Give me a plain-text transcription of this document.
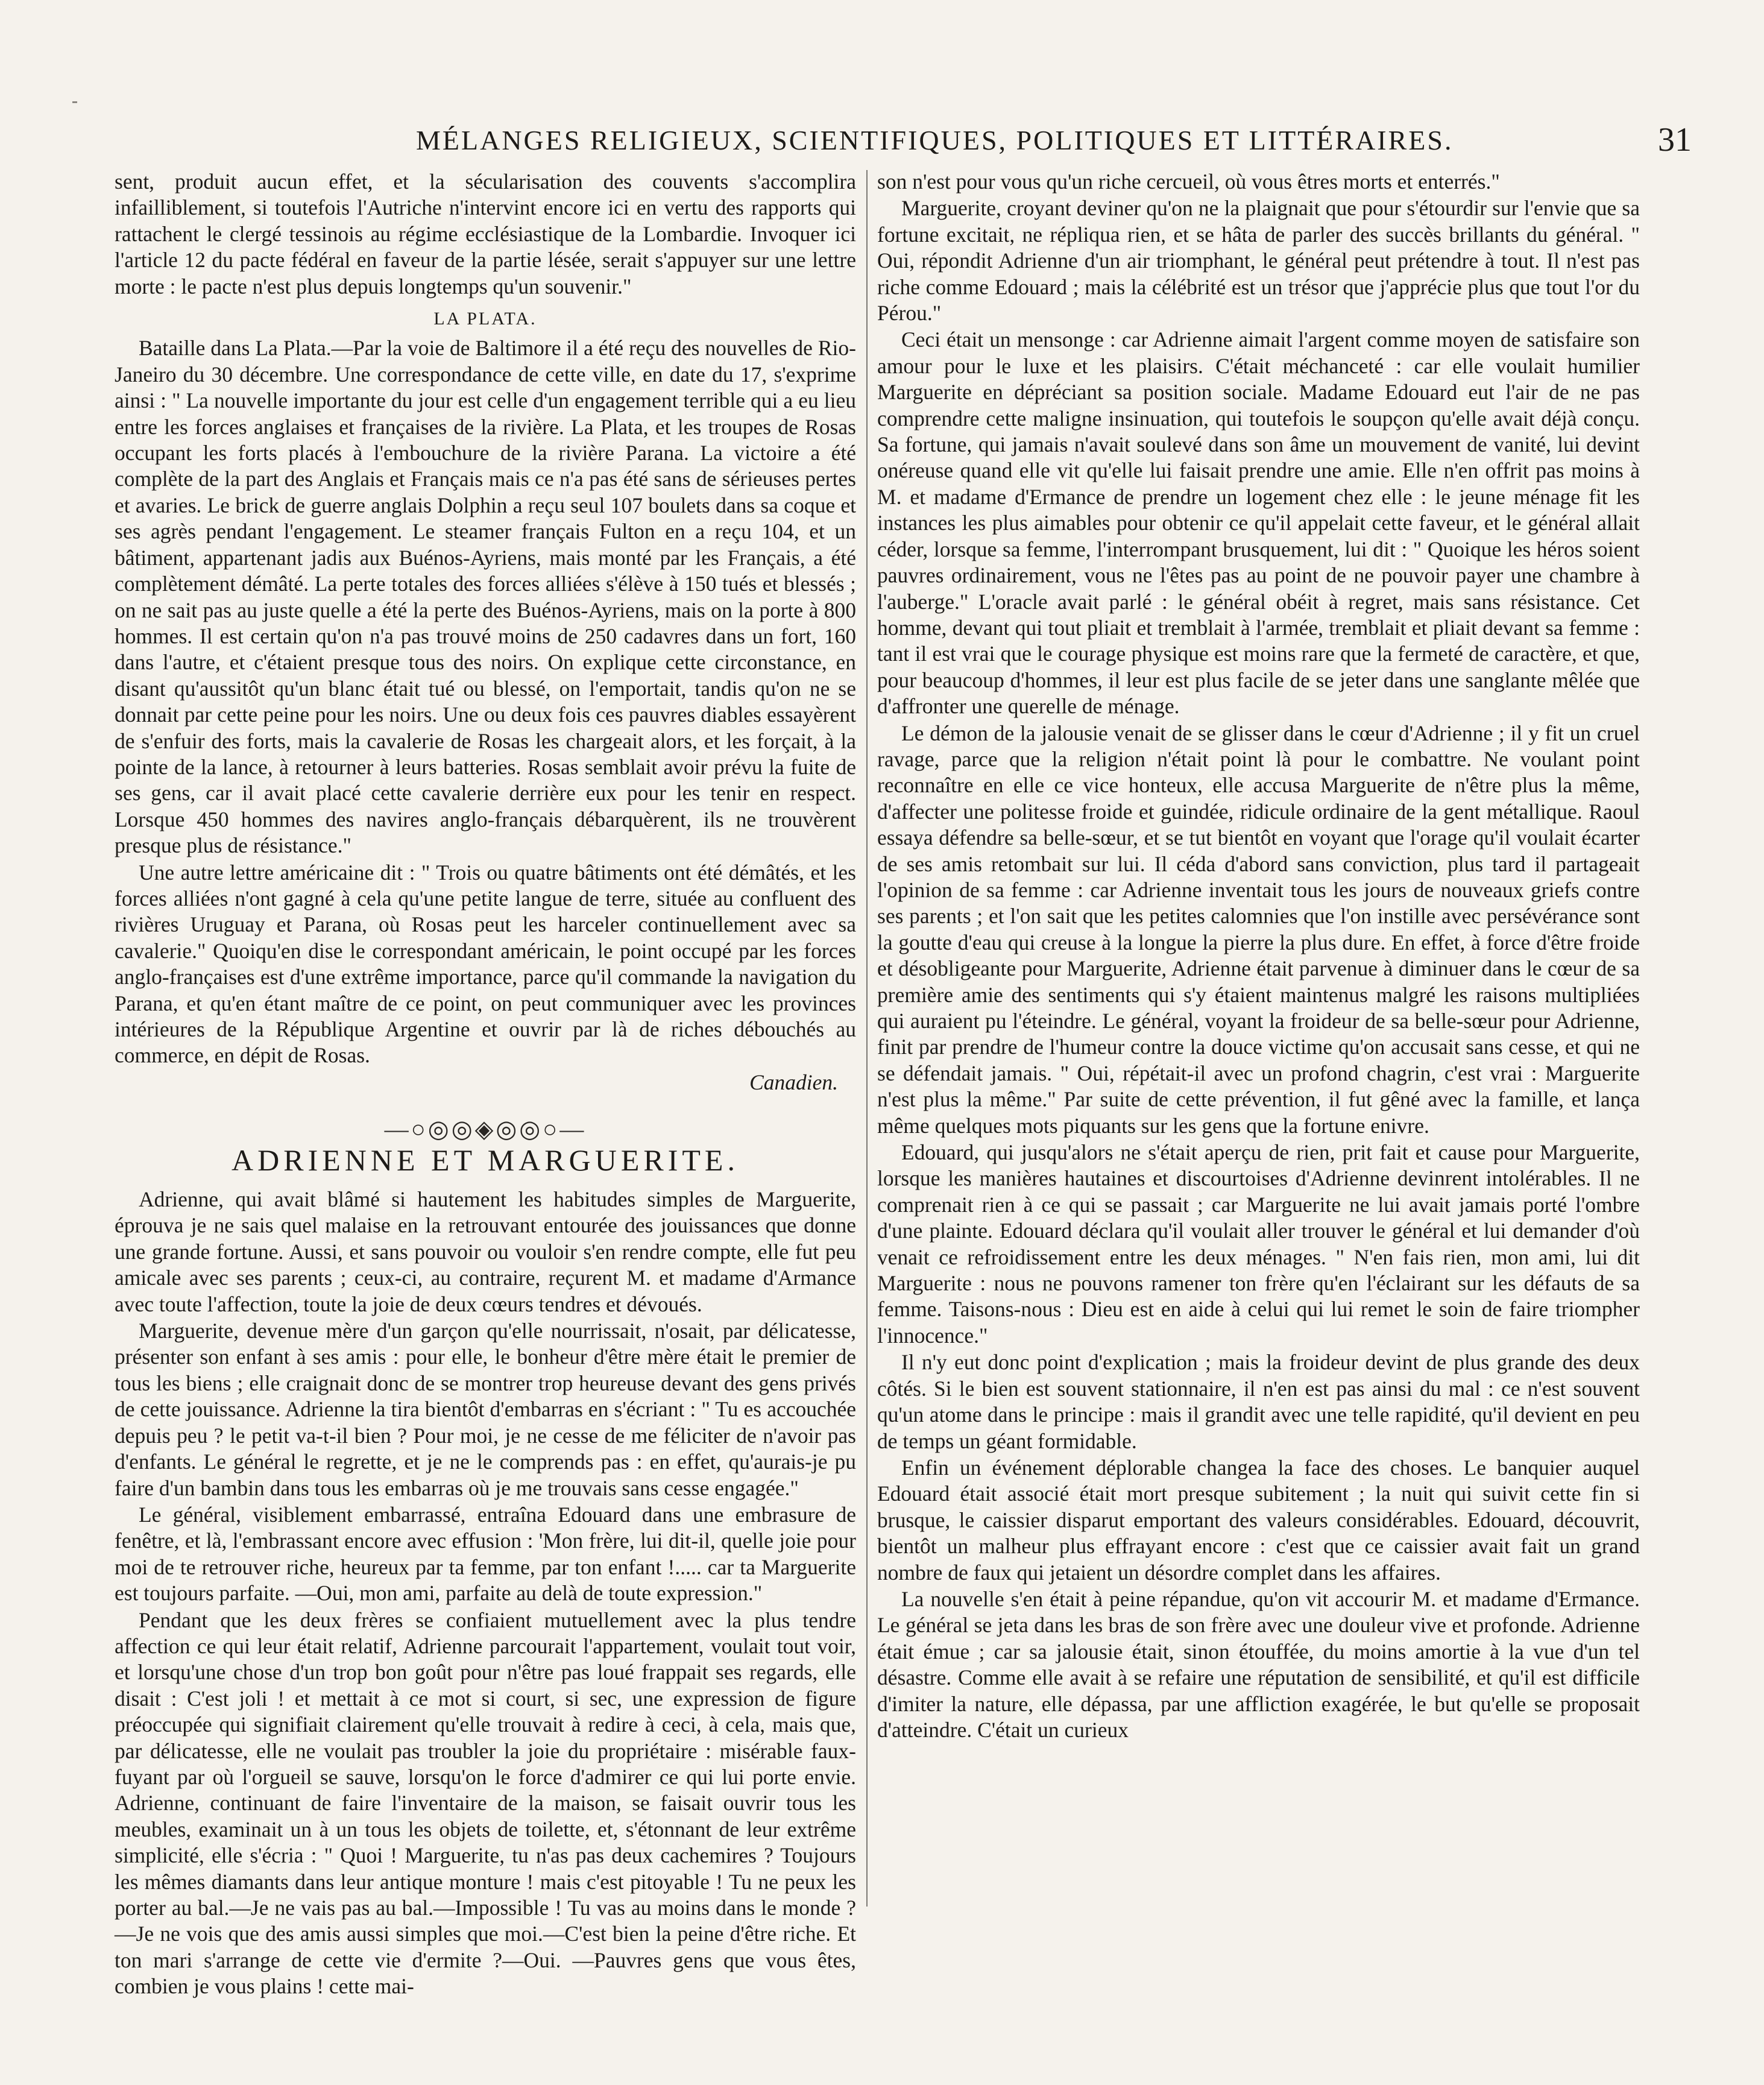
MÉLANGES RELIGIEUX, SCIENTIFIQUES, POLITIQUES ET LITTÉRAIRES.	31

sent, produit aucun effet, et la sécularisation des couvents s'accomplira infailliblement, si toutefois l'Autriche n'intervint encore ici en vertu des rapports qui rattachent le clergé tessinois au régime ecclésiastique de la Lombardie. Invoquer ici l'article 12 du pacte fédéral en faveur de la partie lésée, serait s'appuyer sur une lettre morte : le pacte n'est plus depuis longtemps qu'un souvenir."

LA PLATA.

Bataille dans La Plata.—Par la voie de Baltimore il a été reçu des nouvelles de Rio-Janeiro du 30 décembre. Une correspondance de cette ville, en date du 17, s'exprime ainsi : " La nouvelle importante du jour est celle d'un engagement terrible qui a eu lieu entre les forces anglaises et françaises de la rivière. La Plata, et les troupes de Rosas occupant les forts placés à l'embouchure de la rivière Parana. La victoire a été complète de la part des Anglais et Français mais ce n'a pas été sans de sérieuses pertes et avaries. Le brick de guerre anglais Dolphin a reçu seul 107 boulets dans sa coque et ses agrès pendant l'engagement. Le steamer français Fulton en a reçu 104, et un bâtiment, appartenant jadis aux Buénos-Ayriens, mais monté par les Français, a été complètement démâté. La perte totales des forces alliées s'élève à 150 tués et blessés ; on ne sait pas au juste quelle a été la perte des Buénos-Ayriens, mais on la porte à 800 hommes. Il est certain qu'on n'a pas trouvé moins de 250 cadavres dans un fort, 160 dans l'autre, et c'étaient presque tous des noirs. On explique cette circonstance, en disant qu'aussitôt qu'un blanc était tué ou blessé, on l'emportait, tandis qu'on ne se donnait par cette peine pour les noirs. Une ou deux fois ces pauvres diables essayèrent de s'enfuir des forts, mais la cavalerie de Rosas les chargeait alors, et les forçait, à la pointe de la lance, à retourner à leurs batteries. Rosas semblait avoir prévu la fuite de ses gens, car il avait placé cette cavalerie derrière eux pour les tenir en respect. Lorsque 450 hommes des navires anglo-français débarquèrent, ils ne trouvèrent presque plus de résistance."

Une autre lettre américaine dit : " Trois ou quatre bâtiments ont été démâtés, et les forces alliées n'ont gagné à cela qu'une petite langue de terre, située au confluent des rivières Uruguay et Parana, où Rosas peut les harceler continuellement avec sa cavalerie." Quoiqu'en dise le correspondant américain, le point occupé par les forces anglo-françaises est d'une extrême importance, parce qu'il commande la navigation du Parana, et qu'en étant maître de ce point, on peut communiquer avec les provinces intérieures de la République Argentine et ouvrir par là de riches débouchés au commerce, en dépit de Rosas.

Canadien.
—○◎◎◈◎◎○—
ADRIENNE ET MARGUERITE.

Adrienne, qui avait blâmé si hautement les habitudes simples de Marguerite, éprouva je ne sais quel malaise en la retrouvant entourée des jouissances que donne une grande fortune. Aussi, et sans pouvoir ou vouloir s'en rendre compte, elle fut peu amicale avec ses parents ; ceux-ci, au contraire, reçurent M. et madame d'Armance avec toute l'affection, toute la joie de deux cœurs tendres et dévoués.

Marguerite, devenue mère d'un garçon qu'elle nourrissait, n'osait, par délicatesse, présenter son enfant à ses amis : pour elle, le bonheur d'être mère était le premier de tous les biens ; elle craignait donc de se montrer trop heureuse devant des gens privés de cette jouissance. Adrienne la tira bientôt d'embarras en s'écriant : " Tu es accouchée depuis peu ? le petit va-t-il bien ? Pour moi, je ne cesse de me féliciter de n'avoir pas d'enfants. Le général le regrette, et je ne le comprends pas : en effet, qu'aurais-je pu faire d'un bambin dans tous les embarras où je me trouvais sans cesse engagée."

Le général, visiblement embarrassé, entraîna Edouard dans une embrasure de fenêtre, et là, l'embrassant encore avec effusion : 'Mon frère, lui dit-il, quelle joie pour moi de te retrouver riche, heureux par ta femme, par ton enfant !..... car ta Marguerite est toujours parfaite. —Oui, mon ami, parfaite au delà de toute expression."

Pendant que les deux frères se confiaient mutuellement avec la plus tendre affection ce qui leur était relatif, Adrienne parcourait l'appartement, voulait tout voir, et lorsqu'une chose d'un trop bon goût pour n'être pas loué frappait ses regards, elle disait : C'est joli ! et mettait à ce mot si court, si sec, une expression de figure préoccupée qui signifiait clairement qu'elle trouvait à redire à ceci, à cela, mais que, par délicatesse, elle ne voulait pas troubler la joie du propriétaire : misérable faux-fuyant par où l'orgueil se sauve, lorsqu'on le force d'admirer ce qui lui porte envie. Adrienne, continuant de faire l'inventaire de la maison, se faisait ouvrir tous les meubles, examinait un à un tous les objets de toilette, et, s'étonnant de leur extrême simplicité, elle s'écria : " Quoi ! Marguerite, tu n'as pas deux cachemires ? Toujours les mêmes diamants dans leur antique monture ! mais c'est pitoyable ! Tu ne peux les porter au bal.—Je ne vais pas au bal.—Impossible ! Tu vas au moins dans le monde ?—Je ne vois que des amis aussi simples que moi.—C'est bien la peine d'être riche. Et ton mari s'arrange de cette vie d'ermite ?—Oui. —Pauvres gens que vous êtes, combien je vous plains ! cette mai-

son n'est pour vous qu'un riche cercueil, où vous êtres morts et enterrés."

Marguerite, croyant deviner qu'on ne la plaignait que pour s'étourdir sur l'envie que sa fortune excitait, ne répliqua rien, et se hâta de parler des succès brillants du général. " Oui, répondit Adrienne d'un air triomphant, le général peut prétendre à tout. Il n'est pas riche comme Edouard ; mais la célébrité est un trésor que j'apprécie plus que tout l'or du Pérou."

Ceci était un mensonge : car Adrienne aimait l'argent comme moyen de satisfaire son amour pour le luxe et les plaisirs. C'était méchanceté : car elle voulait humilier Marguerite en dépréciant sa position sociale. Madame Edouard eut l'air de ne pas comprendre cette maligne insinuation, qui toutefois le soupçon qu'elle avait déjà conçu. Sa fortune, qui jamais n'avait soulevé dans son âme un mouvement de vanité, lui devint onéreuse quand elle vit qu'elle lui faisait prendre une amie. Elle n'en offrit pas moins à M. et madame d'Ermance de prendre un logement chez elle : le jeune ménage fit les instances les plus aimables pour obtenir ce qu'il appelait cette faveur, et le général allait céder, lorsque sa femme, l'interrompant brusquement, lui dit : " Quoique les héros soient pauvres ordinairement, vous ne l'êtes pas au point de ne pouvoir payer une chambre à l'auberge." L'oracle avait parlé : le général obéit à regret, mais sans résistance. Cet homme, devant qui tout pliait et tremblait à l'armée, tremblait et pliait devant sa femme : tant il est vrai que le courage physique est moins rare que la fermeté de caractère, et que, pour beaucoup d'hommes, il leur est plus facile de se jeter dans une sanglante mêlée que d'affronter une querelle de ménage.

Le démon de la jalousie venait de se glisser dans le cœur d'Adrienne ; il y fit un cruel ravage, parce que la religion n'était point là pour le combattre. Ne voulant point reconnaître en elle ce vice honteux, elle accusa Marguerite de n'être plus la même, d'affecter une politesse froide et guindée, ridicule ordinaire de la gent métallique. Raoul essaya défendre sa belle-sœur, et se tut bientôt en voyant que l'orage qu'il voulait écarter de ses amis retombait sur lui. Il céda d'abord sans conviction, plus tard il partageait l'opinion de sa femme : car Adrienne inventait tous les jours de nouveaux griefs contre ses parents ; et l'on sait que les petites calomnies que l'on instille avec persévérance sont la goutte d'eau qui creuse à la longue la pierre la plus dure. En effet, à force d'être froide et désobligeante pour Marguerite, Adrienne était parvenue à diminuer dans le cœur de sa première amie des sentiments qui s'y étaient maintenus malgré les raisons multipliées qui auraient pu l'éteindre. Le général, voyant la froideur de sa belle-sœur pour Adrienne, finit par prendre de l'humeur contre la douce victime qu'on accusait sans cesse, et qui ne se défendait jamais. " Oui, répétait-il avec un profond chagrin, c'est vrai : Marguerite n'est plus la même." Par suite de cette prévention, il fut gêné avec la famille, et lança même quelques mots piquants sur les gens que la fortune enivre.

Edouard, qui jusqu'alors ne s'était aperçu de rien, prit fait et cause pour Marguerite, lorsque les manières hautaines et discourtoises d'Adrienne devinrent intolérables. Il ne comprenait rien à ce qui se passait ; car Marguerite ne lui avait jamais porté l'ombre d'une plainte. Edouard déclara qu'il voulait aller trouver le général et lui demander d'où venait ce refroidissement entre les deux ménages. " N'en fais rien, mon ami, lui dit Marguerite : nous ne pouvons ramener ton frère qu'en l'éclairant sur les défauts de sa femme. Taisons-nous : Dieu est en aide à celui qui lui remet le soin de faire triompher l'innocence."

Il n'y eut donc point d'explication ; mais la froideur devint de plus grande des deux côtés. Si le bien est souvent stationnaire, il n'en est pas ainsi du mal : ce n'est souvent qu'un atome dans le principe : mais il grandit avec une telle rapidité, qu'il devient en peu de temps un géant formidable.

Enfin un événement déplorable changea la face des choses. Le banquier auquel Edouard était associé était mort presque subitement ; la nuit qui suivit cette fin si brusque, le caissier disparut emportant des valeurs considérables. Edouard, découvrit, bientôt un malheur plus effrayant encore : c'est que ce caissier avait fait un grand nombre de faux qui jetaient un désordre complet dans les affaires.

La nouvelle s'en était à peine répandue, qu'on vit accourir M. et madame d'Ermance. Le général se jeta dans les bras de son frère avec une douleur vive et profonde. Adrienne était émue ; car sa jalousie était, sinon étouffée, du moins amortie à la vue d'un tel désastre. Comme elle avait à se refaire une réputation de sensibilité, et qu'il est difficile d'imiter la nature, elle dépassa, par une affliction exagérée, le but qu'elle se proposait d'atteindre. C'était un curieux
